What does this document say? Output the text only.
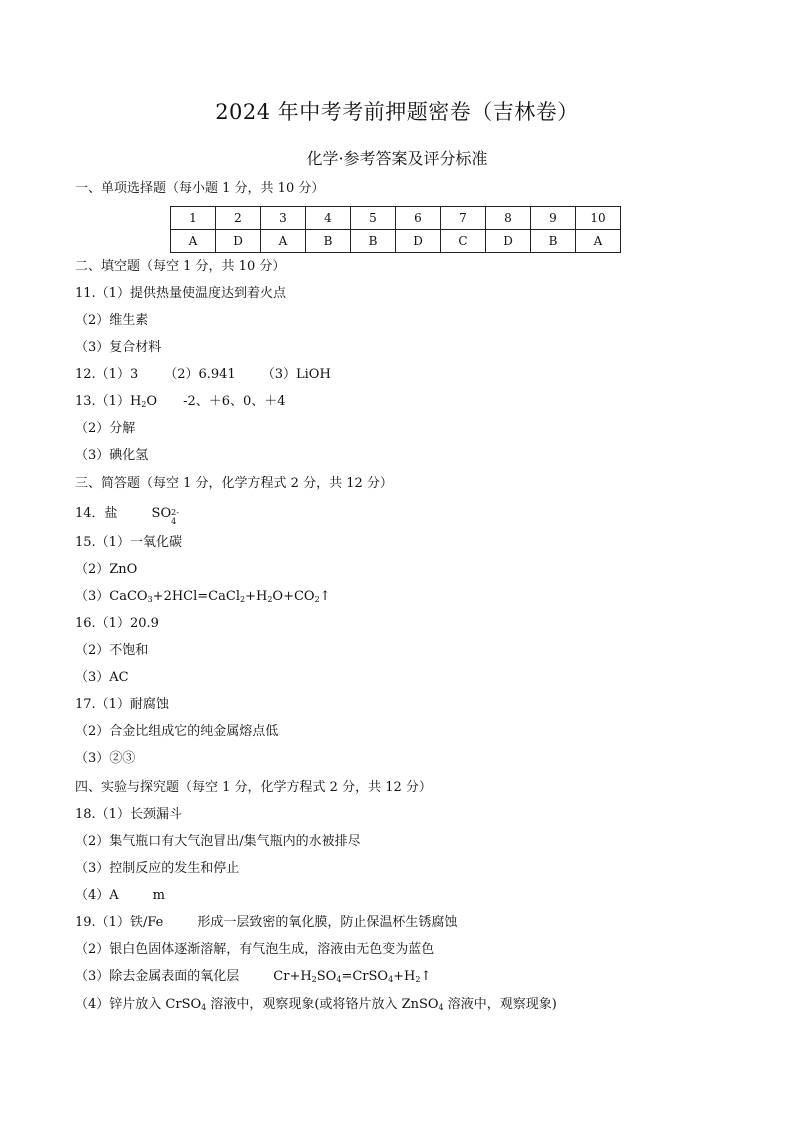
2024 年中考考前押题密卷（吉林卷）
化学·参考答案及评分标准
一、单项选择题（每小题 1 分，共 10 分）
1	2	3	4	5	6	7	8	9	10
A	D	A	B	B	D	C	D	B	A
二、填空题（每空 1 分，共 10 分）
11.（1）提供热量使温度达到着火点
（2）维生素
（3）复合材料
12.（1）3 （2）6.941 （3）LiOH
$13.(1)H_2O$ -2、＋6、0、＋4
（2）分解
（3）碘化氢
三、简答题（每空 1 分，化学方程式 2 分，共 12 分）
14．盐	SO 2-
4
15.（1）一氧化碳
（2）ZnO
$(3)CaCO_3+2HCl=CaCl_2+H_2O+CO_2↑$
16.（1）20.9
（2）不饱和
（3）AC
17.（1）耐腐蚀
（2）合金比组成它的纯金属熔点低
（3）②③
四、实验与探究题（每空 1 分，化学方程式 2 分，共 12 分）
18.（1）长颈漏斗
（2）集气瓶口有大气泡冒出/集气瓶内的水被排尽
（3）控制反应的发生和停止
（4）A	m
19.（1）铁/Fe	形成一层致密的氧化膜，防止保温杯生锈腐蚀
（2）银白色固体逐渐溶解，有气泡生成，溶液由无色变为蓝色
（3）除去金属表面的氧化层	$Cr+H_2SO_4=CrSO_4+H_2↑$
（4）锌片放入 CrSO$_4$ 溶液中，观察现象(或将铬片放入 ZnSO$_4$ 溶液中，观察现象)
